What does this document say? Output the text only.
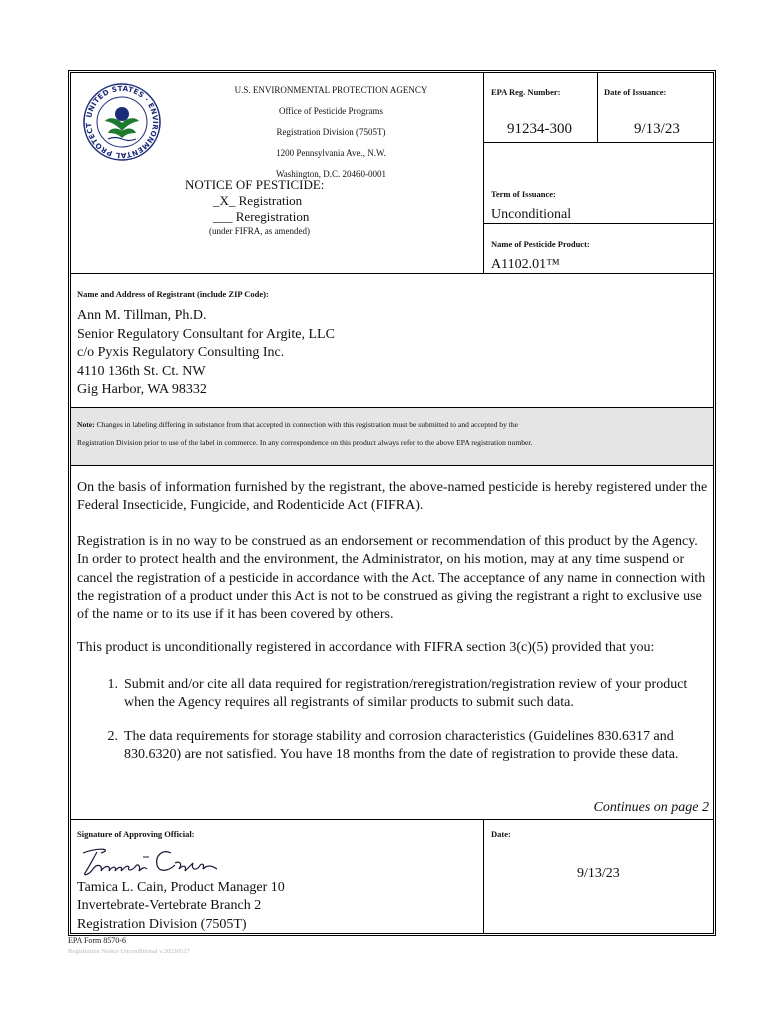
UNITED STATES · ENVIRONMENTAL PROTECT
U.S. ENVIRONMENTAL PROTECTION AGENCY
Office of Pesticide Programs
Registration Division (7505T)
1200 Pennsylvania Ave., N.W.
Washington, D.C. 20460-0001
NOTICE OF PESTICIDE:
_X_ Registration
___ Reregistration
(under FIFRA, as amended)
EPA Reg. Number:
91234-300
Date of Issuance:
9/13/23
Term of Issuance:
Unconditional
Name of Pesticide Product:
A1102.01™
Name and Address of Registrant (include ZIP Code):
Ann M. Tillman, Ph.D.
Senior Regulatory Consultant for Argite, LLC
c/o Pyxis Regulatory Consulting Inc.
4110 136th St. Ct. NW
Gig Harbor, WA 98332
Note: Changes in labeling differing in substance from that accepted in connection with this registration must be submitted to and accepted by the
Registration Division prior to use of the label in commerce. In any correspondence on this product always refer to the above EPA registration number.
On the basis of information furnished by the registrant, the above-named pesticide is hereby registered under the Federal Insecticide, Fungicide, and Rodenticide Act (FIFRA).
Registration is in no way to be construed as an endorsement or recommendation of this product by the Agency. In order to protect health and the environment, the Administrator, on his motion, may at any time suspend or cancel the registration of a pesticide in accordance with the Act. The acceptance of any name in connection with the registration of a product under this Act is not to be construed as giving the registrant a right to exclusive use of the name or to its use if it has been covered by others.
This product is unconditionally registered in accordance with FIFRA section 3(c)(5) provided that you:
1. Submit and/or cite all data required for registration/reregistration/registration review of your product when the Agency requires all registrants of similar products to submit such data.
2. The data requirements for storage stability and corrosion characteristics (Guidelines 830.6317 and 830.6320) are not satisfied. You have 18 months from the date of registration to provide these data.
Continues on page 2
Signature of Approving Official:
Tamica L. Cain, Product Manager 10
Invertebrate-Vertebrate Branch 2
Registration Division (7505T)
Date:
9/13/23
EPA Form 8570-6
Registration Notice Unconditional v.20230527
